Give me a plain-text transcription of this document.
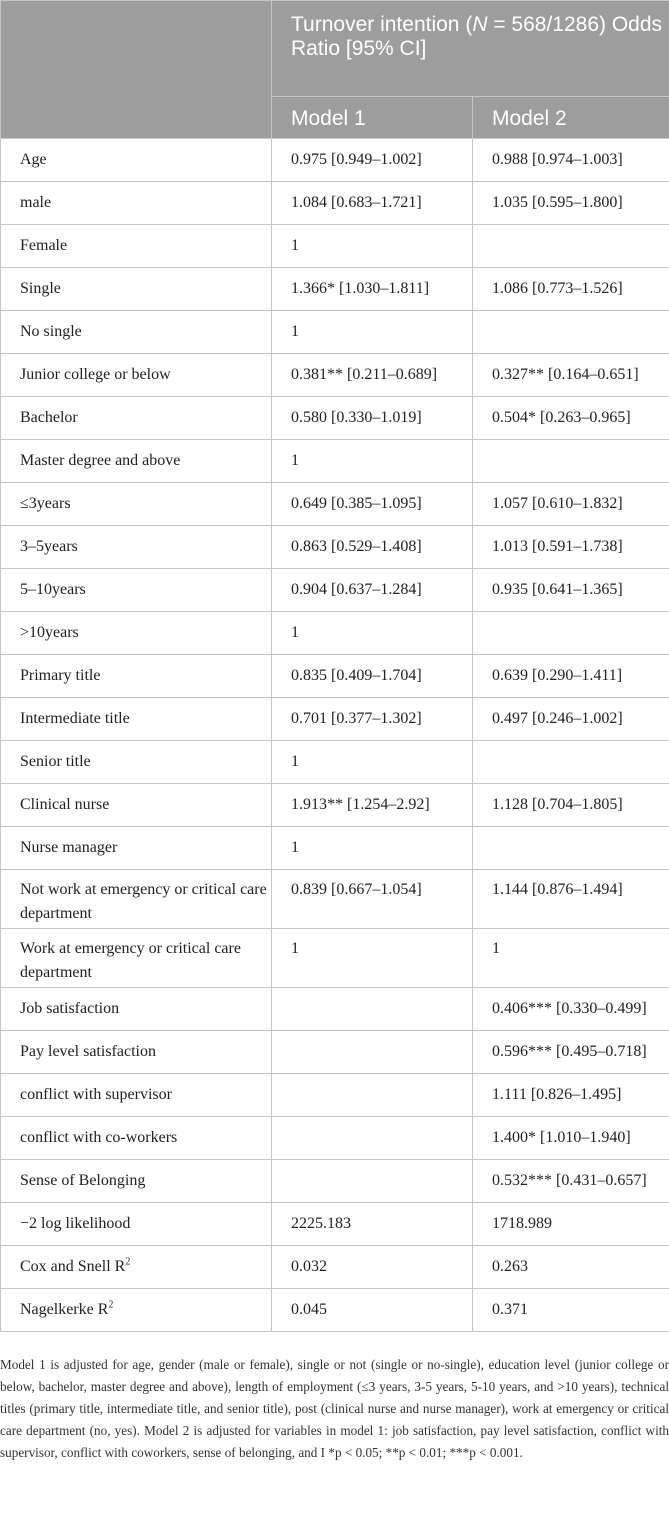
	Turnover intention (N = 568/1286) Odds Ratio [95% CI]	
	Model 1	Model 2
Age	0.975 [0.949–1.002]	0.988 [0.974–1.003]
male	1.084 [0.683–1.721]	1.035 [0.595–1.800]
Female	1	
Single	1.366* [1.030–1.811]	1.086 [0.773–1.526]
No single	1	
Junior college or below	0.381** [0.211–0.689]	0.327** [0.164–0.651]
Bachelor	0.580 [0.330–1.019]	0.504* [0.263–0.965]
Master degree and above	1	
≤3years	0.649 [0.385–1.095]	1.057 [0.610–1.832]
3–5years	0.863 [0.529–1.408]	1.013 [0.591–1.738]
5–10years	0.904 [0.637–1.284]	0.935 [0.641–1.365]
>10years	1	
Primary title	0.835 [0.409–1.704]	0.639 [0.290–1.411]
Intermediate title	0.701 [0.377–1.302]	0.497 [0.246–1.002]
Senior title	1	
Clinical nurse	1.913** [1.254–2.92]	1.128 [0.704–1.805]
Nurse manager	1	
Not work at emergency or critical care department	0.839 [0.667–1.054]	1.144 [0.876–1.494]
Work at emergency or critical care department	1	1
Job satisfaction		0.406*** [0.330–0.499]
Pay level satisfaction		0.596*** [0.495–0.718]
conflict with supervisor		1.111 [0.826–1.495]
conflict with co-workers		1.400* [1.010–1.940]
Sense of Belonging		0.532*** [0.431–0.657]
−2 log likelihood	2225.183	1718.989
Cox and Snell $R^2$	0.032	0.263
Nagelkerke $R^2$	0.045	0.371
Model 1 is adjusted for age, gender (male or female), single or not (single or no-single), education level (junior college or below, bachelor, master degree and above), length of employment (≤3 years, 3-5 years, 5-10 years, and >10 years), technical titles (primary title, intermediate title, and senior title), post (clinical nurse and nurse manager), work at emergency or critical care department (no, yes). Model 2 is adjusted for variables in model 1: job satisfaction, pay level satisfaction, conflict with supervisor, conflict with coworkers, sense of belonging, and I *p < 0.05; **p < 0.01; ***p < 0.001.
